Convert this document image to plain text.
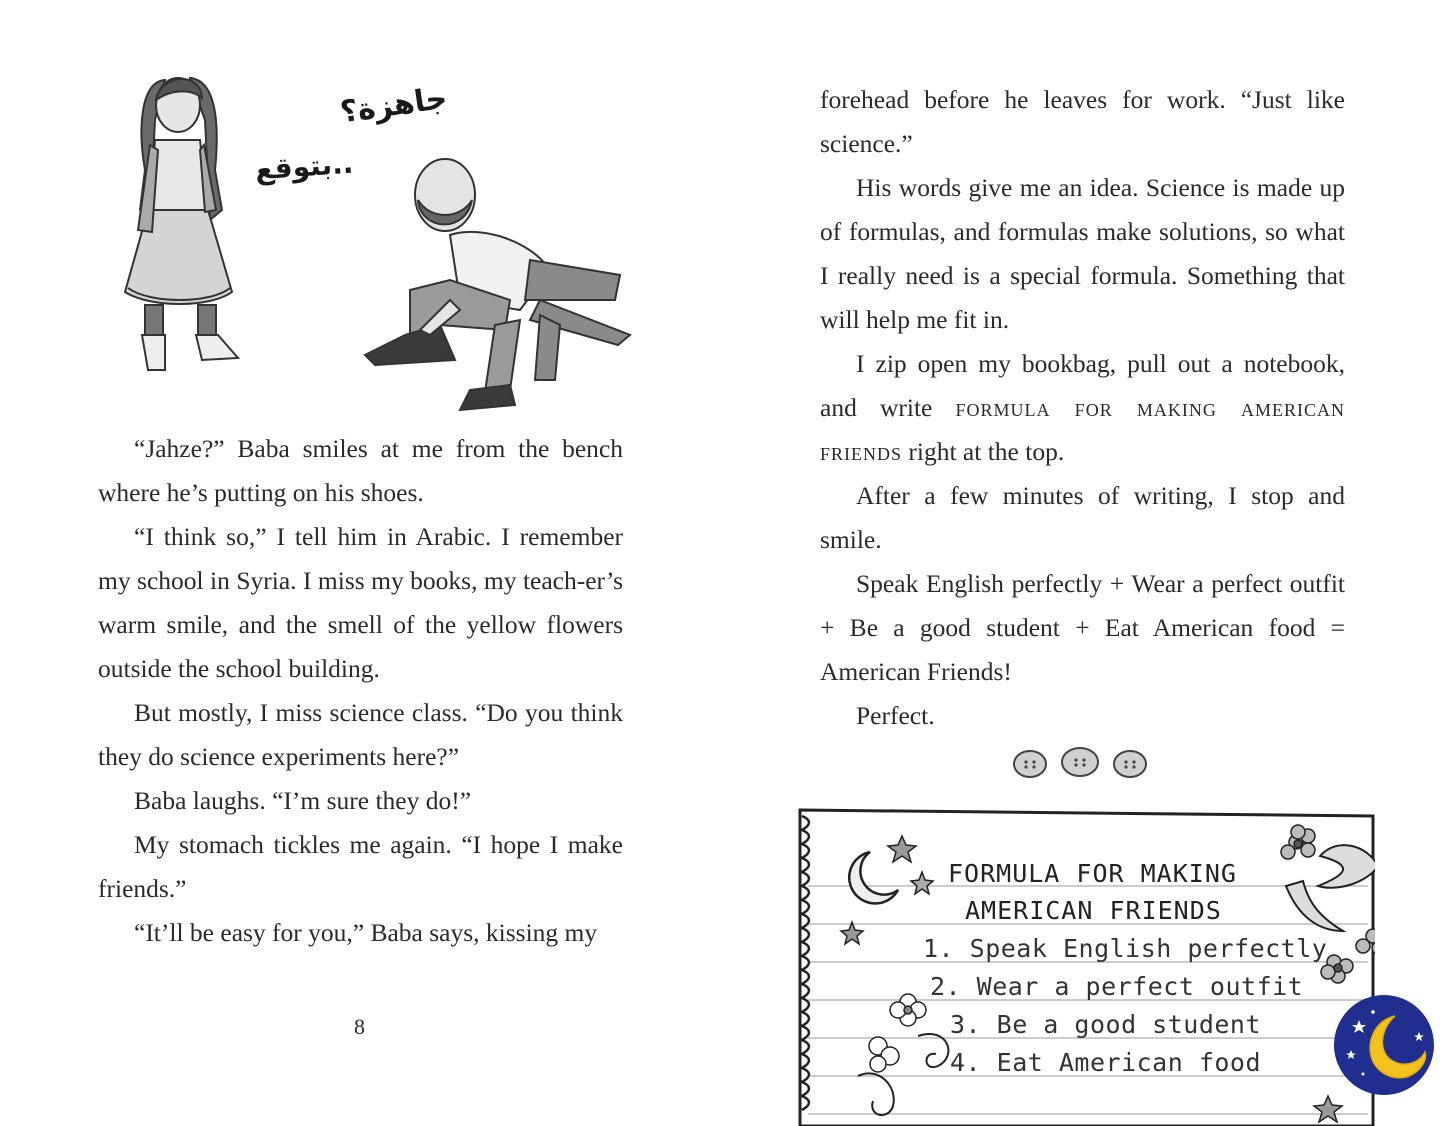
جاهزة؟
بتوقع..

“Jahze?” Baba smiles at me from the bench where he’s putting on his shoes.

“I think so,” I tell him in Arabic. I remember my school in Syria. I miss my books, my teach-er’s warm smile, and the smell of the yellow flowers outside the school building.

But mostly, I miss science class. “Do you think they do science experiments here?”

Baba laughs. “I’m sure they do!”

My stomach tickles me again. “I hope I make friends.”

“It’ll be easy for you,” Baba says, kissing my

8

forehead before he leaves for work. “Just like science.”

His words give me an idea. Science is made up of formulas, and formulas make solutions, so what I really need is a special formula. Something that will help me fit in.

I zip open my bookbag, pull out a notebook, and write formula for making american friends right at the top.

After a few minutes of writing, I stop and smile.

Speak English perfectly + Wear a perfect outfit + Be a good student + Eat American food = American Friends!

Perfect.

FORMULA FOR MAKING
AMERICAN FRIENDS
1. Speak English perfectly
2. Wear a perfect outfit
3. Be a good student
4. Eat American food
